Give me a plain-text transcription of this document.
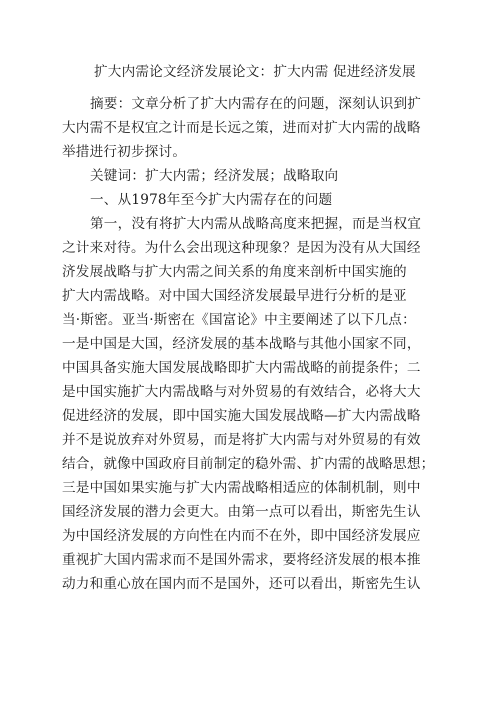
扩大内需论文经济发展论文：扩大内需 促进经济发展
摘要：文章分析了扩大内需存在的问题，深刻认识到扩
大内需不是权宜之计而是长远之策，进而对扩大内需的战略
举措进行初步探讨。
关键词：扩大内需；经济发展；战略取向
一、从1978年至今扩大内需存在的问题
第一，没有将扩大内需从战略高度来把握，而是当权宜
之计来对待。为什么会出现这种现象？是因为没有从大国经
济发展战略与扩大内需之间关系的角度来剖析中国实施的
扩大内需战略。对中国大国经济发展最早进行分析的是亚
当·斯密。亚当·斯密在《国富论》中主要阐述了以下几点：
一是中国是大国，经济发展的基本战略与其他小国家不同，
中国具备实施大国发展战略即扩大内需战略的前提条件；二
是中国实施扩大内需战略与对外贸易的有效结合，必将大大
促进经济的发展，即中国实施大国发展战略—扩大内需战略
并不是说放弃对外贸易，而是将扩大内需与对外贸易的有效
结合，就像中国政府目前制定的稳外需、扩内需的战略思想；
三是中国如果实施与扩大内需战略相适应的体制机制，则中
国经济发展的潜力会更大。由第一点可以看出，斯密先生认
为中国经济发展的方向性在内而不在外，即中国经济发展应
重视扩大国内需求而不是国外需求，要将经济发展的根本推
动力和重心放在国内而不是国外，还可以看出，斯密先生认
